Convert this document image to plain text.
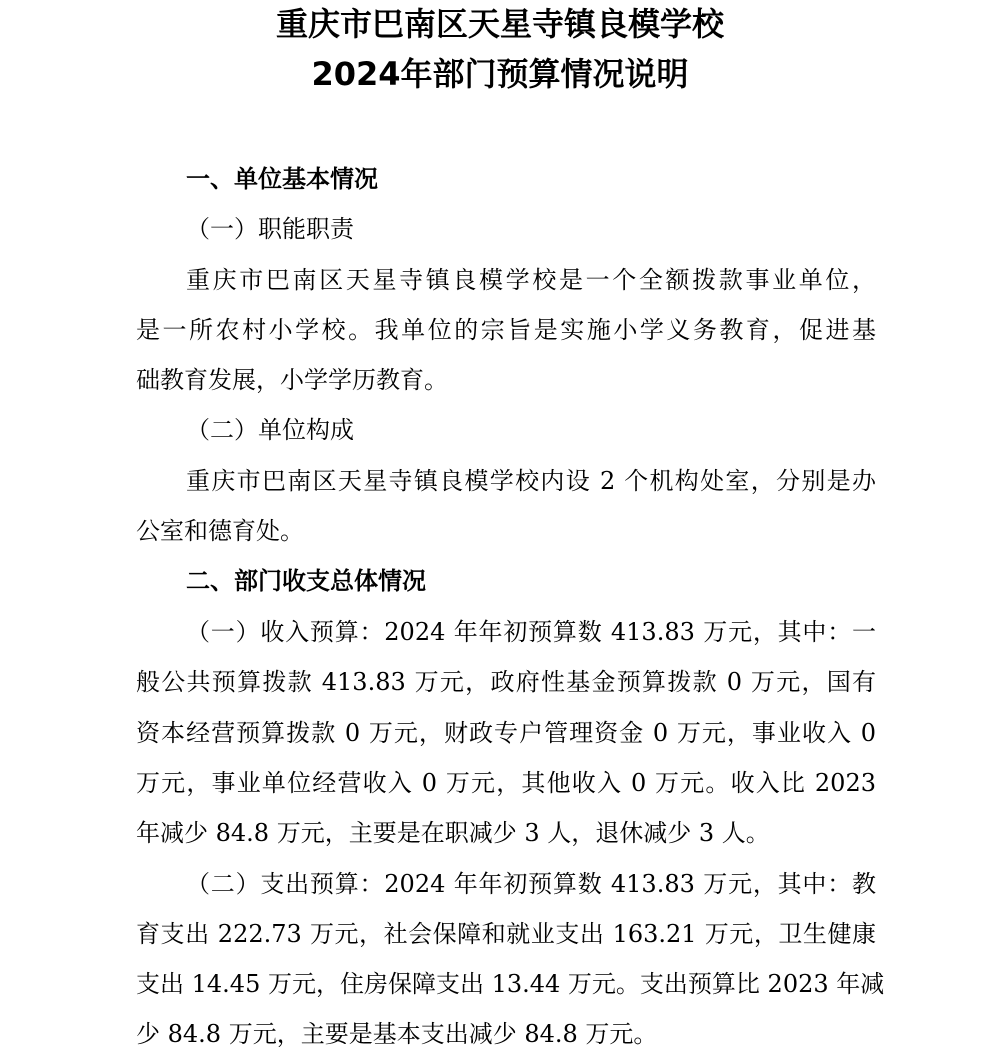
重庆市巴南区天星寺镇良模学校
2024年部门预算情况说明
一、单位基本情况
（一）职能职责
重庆市巴南区天星寺镇良模学校是一个全额拨款事业单位，
是一所农村小学校。我单位的宗旨是实施小学义务教育，促进基
础教育发展，小学学历教育。
（二）单位构成
重庆市巴南区天星寺镇良模学校内设 2 个机构处室，分别是办
公室和德育处。
二、部门收支总体情况
（一）收入预算：2024 年年初预算数 413.83 万元，其中：一
般公共预算拨款 413.83 万元，政府性基金预算拨款 0 万元，国有
资本经营预算拨款 0 万元，财政专户管理资金 0 万元，事业收入 0
万元，事业单位经营收入 0 万元，其他收入 0 万元。收入比 2023
年减少 84.8 万元，主要是在职减少 3 人，退休减少 3 人。
（二）支出预算：2024 年年初预算数 413.83 万元，其中：教
育支出 222.73 万元，社会保障和就业支出 163.21 万元，卫生健康
支出 14.45 万元，住房保障支出 13.44 万元。支出预算比 2023 年减
少 84.8 万元，主要是基本支出减少 84.8 万元。
